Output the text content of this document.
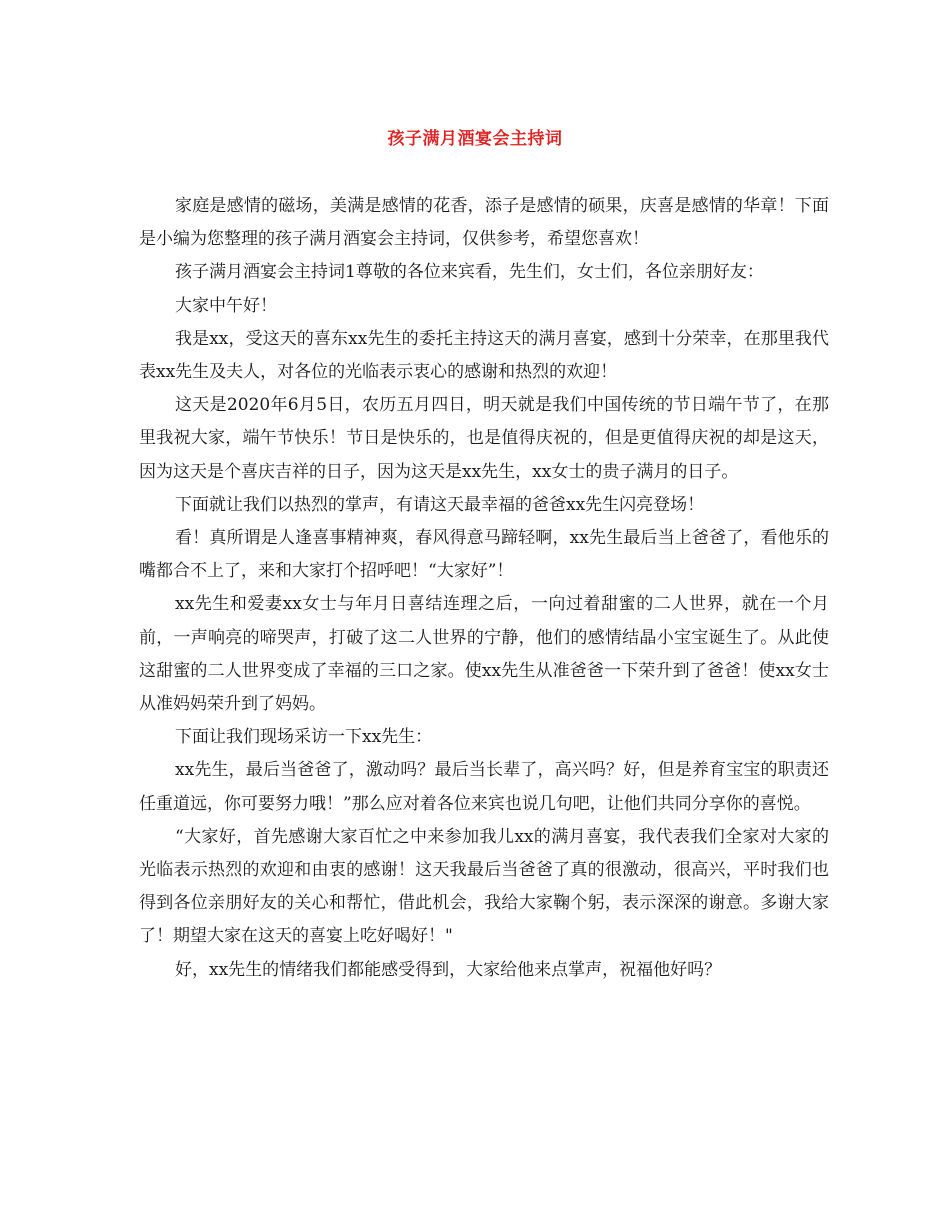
孩子满月酒宴会主持词

家庭是感情的磁场，美满是感情的花香，添子是感情的硕果，庆喜是感情的华章！下面是小编为您整理的孩子满月酒宴会主持词，仅供参考，希望您喜欢！

孩子满月酒宴会主持词1尊敬的各位来宾看，先生们，女士们，各位亲朋好友：

大家中午好！

我是xx，受这天的喜东xx先生的委托主持这天的满月喜宴，感到十分荣幸，在那里我代表xx先生及夫人，对各位的光临表示衷心的感谢和热烈的欢迎！

这天是2020年6月5日，农历五月四日，明天就是我们中国传统的节日端午节了，在那里我祝大家，端午节快乐！节日是快乐的，也是值得庆祝的，但是更值得庆祝的却是这天，因为这天是个喜庆吉祥的日子，因为这天是xx先生，xx女士的贵子满月的日子。

下面就让我们以热烈的掌声，有请这天最幸福的爸爸xx先生闪亮登场！

看！真所谓是人逢喜事精神爽，春风得意马蹄轻啊，xx先生最后当上爸爸了，看他乐的嘴都合不上了，来和大家打个招呼吧！“大家好”！

xx先生和爱妻xx女士与年月日喜结连理之后，一向过着甜蜜的二人世界，就在一个月前，一声响亮的啼哭声，打破了这二人世界的宁静，他们的感情结晶小宝宝诞生了。从此使这甜蜜的二人世界变成了幸福的三口之家。使xx先生从准爸爸一下荣升到了爸爸！使xx女士从准妈妈荣升到了妈妈。

下面让我们现场采访一下xx先生：

xx先生，最后当爸爸了，激动吗？最后当长辈了，高兴吗？好，但是养育宝宝的职责还任重道远，你可要努力哦！”那么应对着各位来宾也说几句吧，让他们共同分享你的喜悦。

“大家好，首先感谢大家百忙之中来参加我儿xx的满月喜宴，我代表我们全家对大家的光临表示热烈的欢迎和由衷的感谢！这天我最后当爸爸了真的很激动，很高兴，平时我们也得到各位亲朋好友的关心和帮忙，借此机会，我给大家鞠个躬，表示深深的谢意。多谢大家了！期望大家在这天的喜宴上吃好喝好！"

好，xx先生的情绪我们都能感受得到，大家给他来点掌声，祝福他好吗？
